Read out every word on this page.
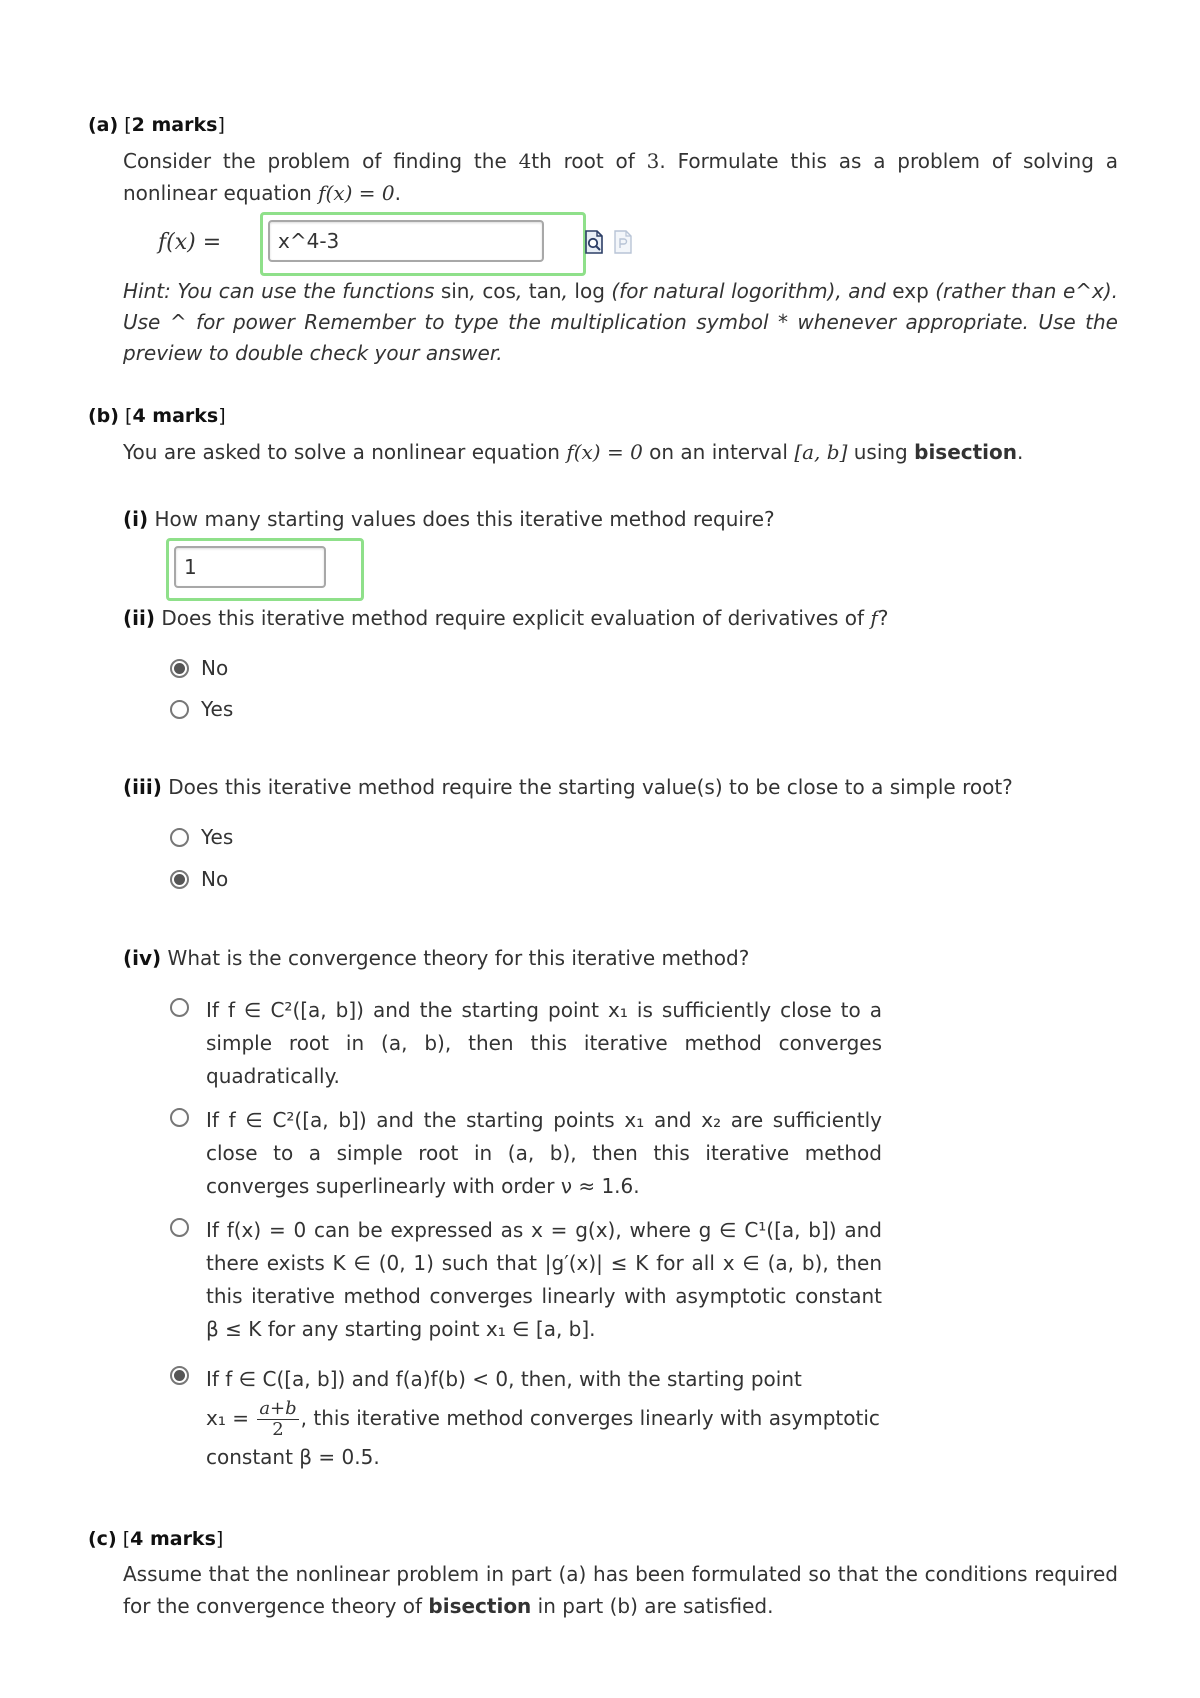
(a) [2 marks]
Consider the problem of finding the 4th root of 3. Formulate this as a problem of solving a nonlinear equation f(x) = 0.
f(x) =
x^4-3
Hint: You can use the functions sin, cos, tan, log (for natural logorithm), and exp (rather than e^x). Use ^ for power Remember to type the multiplication symbol * whenever appropriate. Use the preview to double check your answer.
(b) [4 marks]
You are asked to solve a nonlinear equation f(x) = 0 on an interval [a, b] using bisection.
(i) How many starting values does this iterative method require?
1
(ii) Does this iterative method require explicit evaluation of derivatives of f?
No
Yes
(iii) Does this iterative method require the starting value(s) to be close to a simple root?
Yes
No
(iv) What is the convergence theory for this iterative method?
If f ∈ C²([a, b]) and the starting point x₁ is sufficiently close to a simple root in (a, b), then this iterative method converges quadratically.
If f ∈ C²([a, b]) and the starting points x₁ and x₂ are sufficiently close to a simple root in (a, b), then this iterative method converges superlinearly with order ν ≈ 1.6.
If f(x) = 0 can be expressed as x = g(x), where g ∈ C¹([a, b]) and there exists K ∈ (0, 1) such that |g′(x)| ≤ K for all x ∈ (a, b), then this iterative method converges linearly with asymptotic constant β ≤ K for any starting point x₁ ∈ [a, b].
If f ∈ C([a, b]) and f(a)f(b) < 0, then, with the starting point
$x_1 = \frac{a+b}{2}$ , this iterative method converges linearly with asymptotic
constant β = 0.5.
(c) [4 marks]
Assume that the nonlinear problem in part (a) has been formulated so that the conditions required for the convergence theory of bisection in part (b) are satisfied.
